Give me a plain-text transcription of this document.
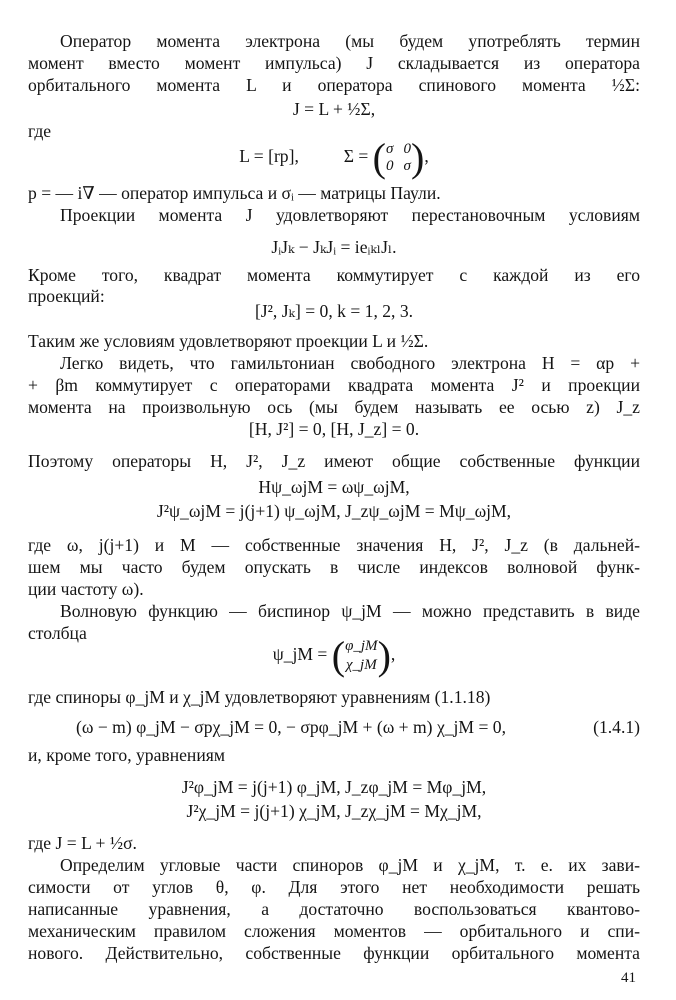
Оператор момента электрона (мы будем употреблять термин

момент вместо момент импульса) J складывается из оператора

орбитального момента L и оператора спинового момента ½Σ:

J = L + ½Σ,

где

L = [rp],	Σ = ( σ 0
0 σ ),

p = — i∇ — оператор импульса и σᵢ — матрицы Паули.

Проекции момента J удовлетворяют перестановочным условиям

JᵢJₖ − JₖJᵢ = ieᵢₖₗJₗ.

Кроме того, квадрат момента коммутирует с каждой из его

проекций:

[J², Jₖ] = 0, k = 1, 2, 3.

Таким же условиям удовлетворяют проекции L и ½Σ.

Легко видеть, что гамильтониан свободного электрона H = αp +

+ βm коммутирует с операторами квадрата момента J² и проекции

момента на произвольную ось (мы будем называть ее осью z) J_z

[H, J²] = 0, [H, J_z] = 0.

Поэтому операторы H, J², J_z имеют общие собственные функции

Hψ_ωjM = ωψ_ωjM,

J²ψ_ωjM = j(j+1) ψ_ωjM, J_zψ_ωjM = Mψ_ωjM,

где ω, j(j+1) и M — собственные значения H, J², J_z (в дальней-

шем мы часто будем опускать в числе индексов волновой функ-

ции частоту ω).

Волновую функцию — биспинор ψ_jM — можно представить в виде

столбца

ψ_jM = (φ_jM
χ_jM),

где спиноры φ_jM и χ_jM удовлетворяют уравнениям (1.1.18)

(ω − m) φ_jM − σpχ_jM = 0, − σpφ_jM + (ω + m) χ_jM = 0,	(1.4.1)

и, кроме того, уравнениям

J²φ_jM = j(j+1) φ_jM, J_zφ_jM = Mφ_jM,

J²χ_jM = j(j+1) χ_jM, J_zχ_jM = Mχ_jM,

где J = L + ½σ.

Определим угловые части спиноров φ_jM и χ_jM, т. е. их зави-

симости от углов θ, φ. Для этого нет необходимости решать

написанные уравнения, а достаточно воспользоваться квантово-

механическим правилом сложения моментов — орбитального и спи-

нового. Действительно, собственные функции орбитального момента

41
